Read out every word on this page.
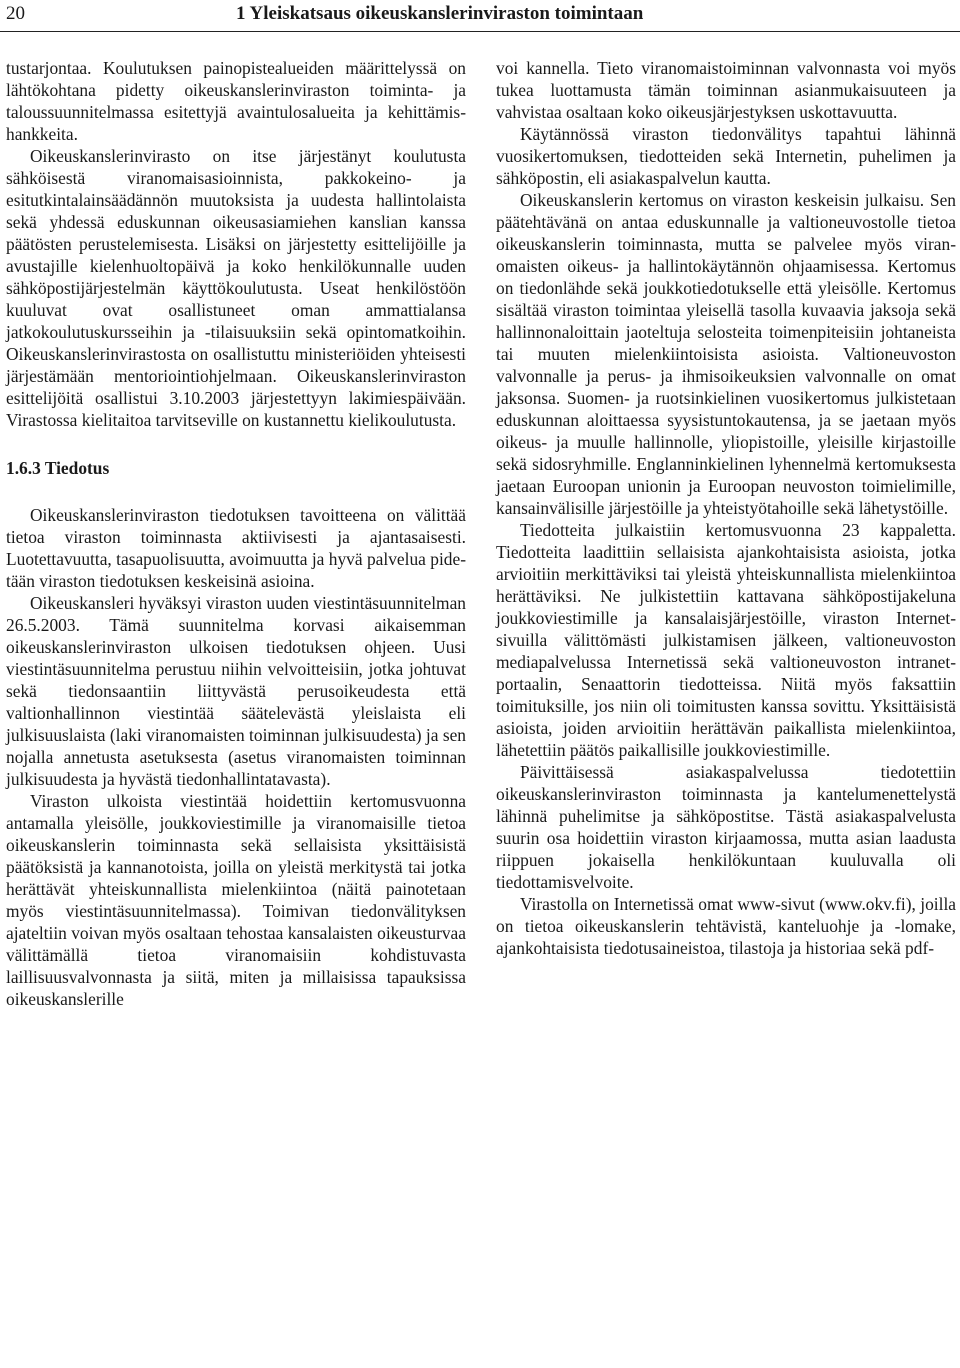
20	1 Yleiskatsaus oikeuskanslerinviraston toimintaan

tustarjontaa. Koulutuksen painopistealueiden määrittelyssä on lähtökohtana pidetty oikeuskanslerinviraston toiminta- ja taloussuunnitelmassa esitettyjä avaintulosalueita ja kehittämishankkeita.

Oikeuskanslerinvirasto on itse järjestänyt koulutusta sähköisestä viranomaisasioinnista, pakkokeino- ja esitutkintalainsäädännön muutoksista ja uudesta hallintolaista sekä yhdessä eduskunnan oikeusasiamiehen kanslian kanssa päätösten perustelemisesta. Lisäksi on järjestetty esittelijöille ja avustajille kielenhuoltopäivä ja koko henkilökunnalle uuden sähköpostijärjestelmän käyttökoulutusta. Useat henkilöstöön kuuluvat ovat osallistuneet oman ammattialansa jatkokoulutuskursseihin ja -tilaisuuksiin sekä opintomatkoihin. Oikeuskanslerinvirastosta on osallistuttu ministeriöiden yhteisesti järjestämään mentoriointiohjelmaan. Oikeuskanslerinviraston esittelijöitä osallistui 3.10.2003 järjestettyyn lakimiespäivään. Virastossa kielitaitoa tarvitseville on kustannettu kielikoulutusta.

1.6.3 Tiedotus

Oikeuskanslerinviraston tiedotuksen tavoitteena on välittää tietoa viraston toiminnasta aktiivisesti ja ajantasaisesti. Luotettavuutta, tasapuolisuutta, avoimuutta ja hyvä palvelua pidetään viraston tiedotuksen keskeisinä asioina.

Oikeuskansleri hyväksyi viraston uuden viestintäsuunnitelman 26.5.2003. Tämä suunnitelma korvasi aikaisemman oikeuskanslerinviraston ulkoisen tiedotuksen ohjeen. Uusi viestintäsuunnitelma perustuu niihin velvoitteisiin, jotka johtuvat sekä tiedonsaantiin liittyvästä perusoikeudesta että valtionhallinnon viestintää säätelevästä yleislaista eli julkisuuslaista (laki viranomaisten toiminnan julkisuudesta) ja sen nojalla annetusta asetuksesta (asetus viranomaisten toiminnan julkisuudesta ja hyvästä tiedonhallintatavasta).

Viraston ulkoista viestintää hoidettiin kertomusvuonna antamalla yleisölle, joukkoviestimille ja viranomaisille tietoa oikeuskanslerin toiminnasta sekä sellaisista yksittäisistä päätöksistä ja kannanotoista, joilla on yleistä merkitystä tai jotka herättävät yhteiskunnallista mielenkiintoa (näitä painotetaan myös viestintäsuunnitelmassa). Toimivan tiedonvälityksen ajateltiin voivan myös osaltaan tehostaa kansalaisten oikeusturvaa välittämällä tietoa viranomaisiin kohdistuvasta laillisuusvalvonnasta ja siitä, miten ja millaisissa tapauksissa oikeuskanslerille

voi kannella. Tieto viranomaistoiminnan valvonnasta voi myös tukea luottamusta tämän toiminnan asianmukaisuuteen ja vahvistaa osaltaan koko oikeusjärjestyksen uskottavuutta.

Käytännössä viraston tiedonvälitys tapahtui lähinnä vuosikertomuksen, tiedotteiden sekä Internetin, puhelimen ja sähköpostin, eli asiakaspalvelun kautta.

Oikeuskanslerin kertomus on viraston keskeisin julkaisu. Sen päätehtävänä on antaa eduskunnalle ja valtioneuvostolle tietoa oikeuskanslerin toiminnasta, mutta se palvelee myös viranomaisten oikeus- ja hallintokäytännön ohjaamisessa. Kertomus on tiedonlähde sekä joukkotiedotukselle että yleisölle. Kertomus sisältää viraston toimintaa yleisellä tasolla kuvaavia jaksoja sekä hallinnonaloittain jaoteltuja selosteita toimenpiteisiin johtaneista tai muuten mielenkiintoisista asioista. Valtioneuvoston valvonnalle ja perus- ja ihmisoikeuksien valvonnalle on omat jaksonsa. Suomen- ja ruotsinkielinen vuosikertomus julkistetaan eduskunnan aloittaessa syysistuntokautensa, ja se jaetaan myös oikeus- ja muulle hallinnolle, yliopistoille, yleisille kirjastoille sekä sidosryhmille. Englanninkielinen lyhennelmä kertomuksesta jaetaan Euroopan unionin ja Euroopan neuvoston toimielimille, kansainvälisille järjestöille ja yhteistyötahoille sekä lähetystöille.

Tiedotteita julkaistiin kertomusvuonna 23 kappaletta. Tiedotteita laadittiin sellaisista ajankohtaisista asioista, jotka arvioitiin merkittäviksi tai yleistä yhteiskunnallista mielenkiintoa herättäviksi. Ne julkistettiin kattavana sähköpostijakeluna joukkoviestimille ja kansalaisjärjestöille, viraston Internet-sivuilla välittömästi julkistamisen jälkeen, valtioneuvoston mediapalvelussa Internetissä sekä valtioneuvoston intranet-portaalin, Senaattorin tiedotteissa. Niitä myös faksattiin toimituksille, jos niin oli toimitusten kanssa sovittu. Yksittäisistä asioista, joiden arvioitiin herättävän paikallista mielenkiintoa, lähetettiin päätös paikallisille joukkoviestimille.

Päivittäisessä asiakaspalvelussa tiedotettiin oikeuskanslerinviraston toiminnasta ja kantelumenettelystä lähinnä puhelimitse ja sähköpostitse. Tästä asiakaspalvelusta suurin osa hoidettiin viraston kirjaamossa, mutta asian laadusta riippuen jokaisella henkilökuntaan kuuluvalla oli tiedottamisvelvoite.

Virastolla on Internetissä omat www-sivut (www.okv.fi), joilla on tietoa oikeuskanslerin tehtävistä, kanteluohje ja -lomake, ajankohtaisista tiedotusaineistoa, tilastoja ja historiaa sekä pdf-
